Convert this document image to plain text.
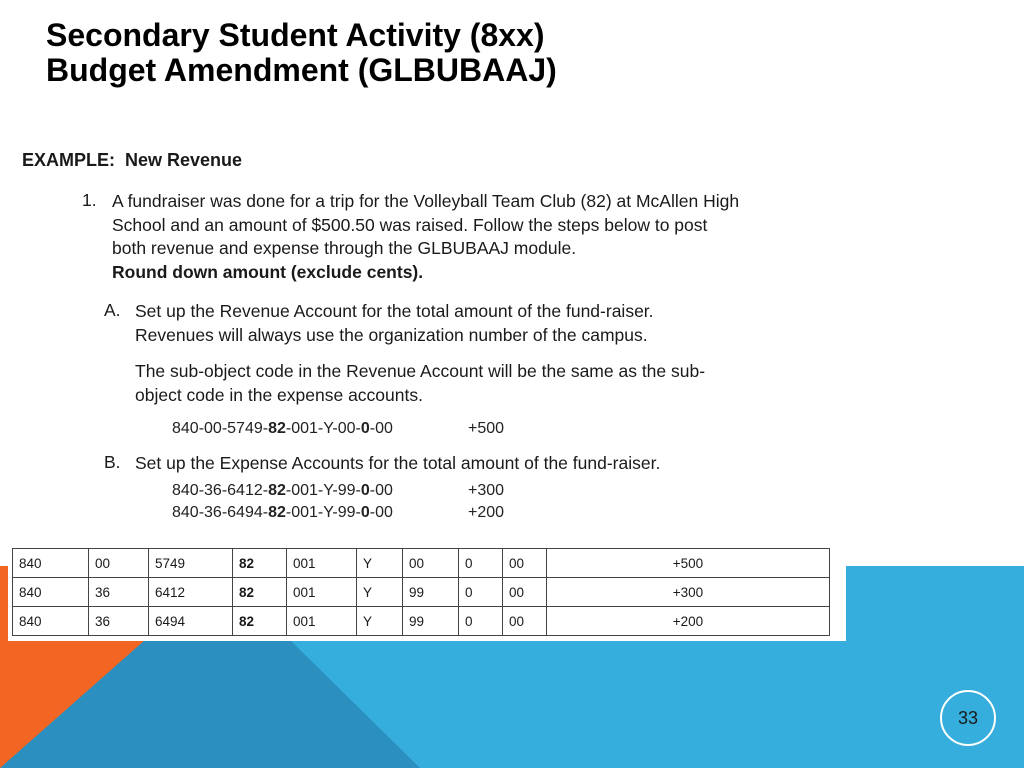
Secondary Student Activity (8xx)
Budget Amendment (GLBUBAAJ)
EXAMPLE: New Revenue
1. A fundraiser was done for a trip for the Volleyball Team Club (82) at McAllen High
School and an amount of $500.50 was raised. Follow the steps below to post
both revenue and expense through the GLBUBAAJ module.
Round down amount (exclude cents).
A. Set up the Revenue Account for the total amount of the fund-raiser.
Revenues will always use the organization number of the campus.
The sub-object code in the Revenue Account will be the same as the sub-
object code in the expense accounts.
840-00-5749-82-001-Y-00-0-00	+500
B. Set up the Expense Accounts for the total amount of the fund-raiser.
840-36-6412-82-001-Y-99-0-00	+300
840-36-6494-82-001-Y-99-0-00	+200
840	00	5749	82	001	Y	00	0	00	+500
840	36	6412	82	001	Y	99	0	00	+300
840	36	6494	82	001	Y	99	0	00	+200
33
